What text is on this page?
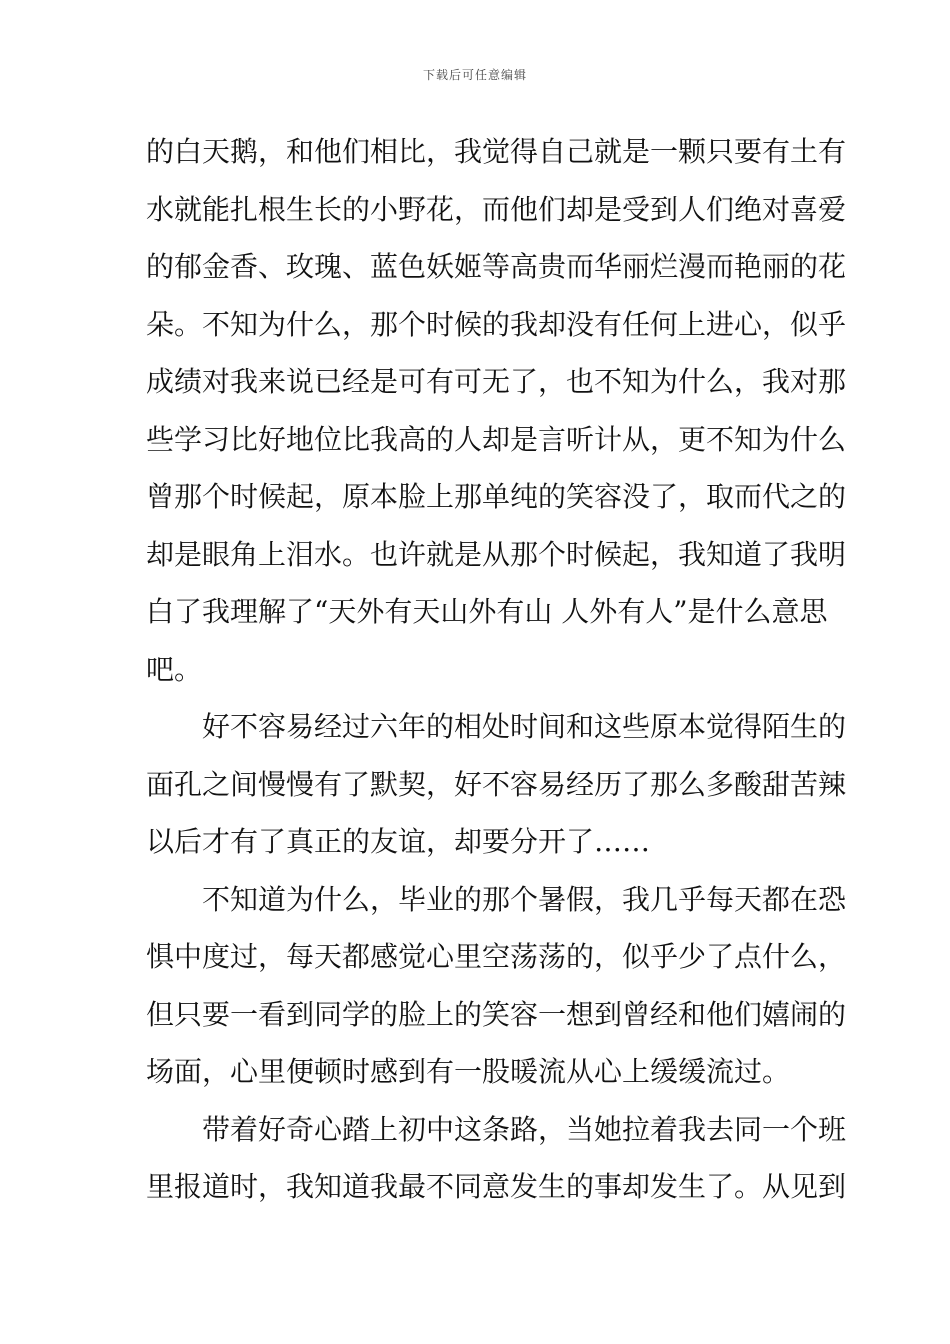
下载后可任意编辑
的白天鹅，和他们相比，我觉得自己就是一颗只要有土有
水就能扎根生长的小野花，而他们却是受到人们绝对喜爱
的郁金香、玫瑰、蓝色妖姬等高贵而华丽烂漫而艳丽的花
朵。不知为什么，那个时候的我却没有任何上进心，似乎
成绩对我来说已经是可有可无了，也不知为什么，我对那
些学习比好地位比我高的人却是言听计从，更不知为什么
曾那个时候起，原本脸上那单纯的笑容没了，取而代之的
却是眼角上泪水。也许就是从那个时候起，我知道了我明
白了我理解了“天外有天山外有山 人外有人”是什么意思
吧。
好不容易经过六年的相处时间和这些原本觉得陌生的
面孔之间慢慢有了默契，好不容易经历了那么多酸甜苦辣
以后才有了真正的友谊，却要分开了……
不知道为什么，毕业的那个暑假，我几乎每天都在恐
惧中度过，每天都感觉心里空荡荡的，似乎少了点什么，
但只要一看到同学的脸上的笑容一想到曾经和他们嬉闹的
场面，心里便顿时感到有一股暖流从心上缓缓流过。
带着好奇心踏上初中这条路，当她拉着我去同一个班
里报道时，我知道我最不同意发生的事却发生了。从见到
